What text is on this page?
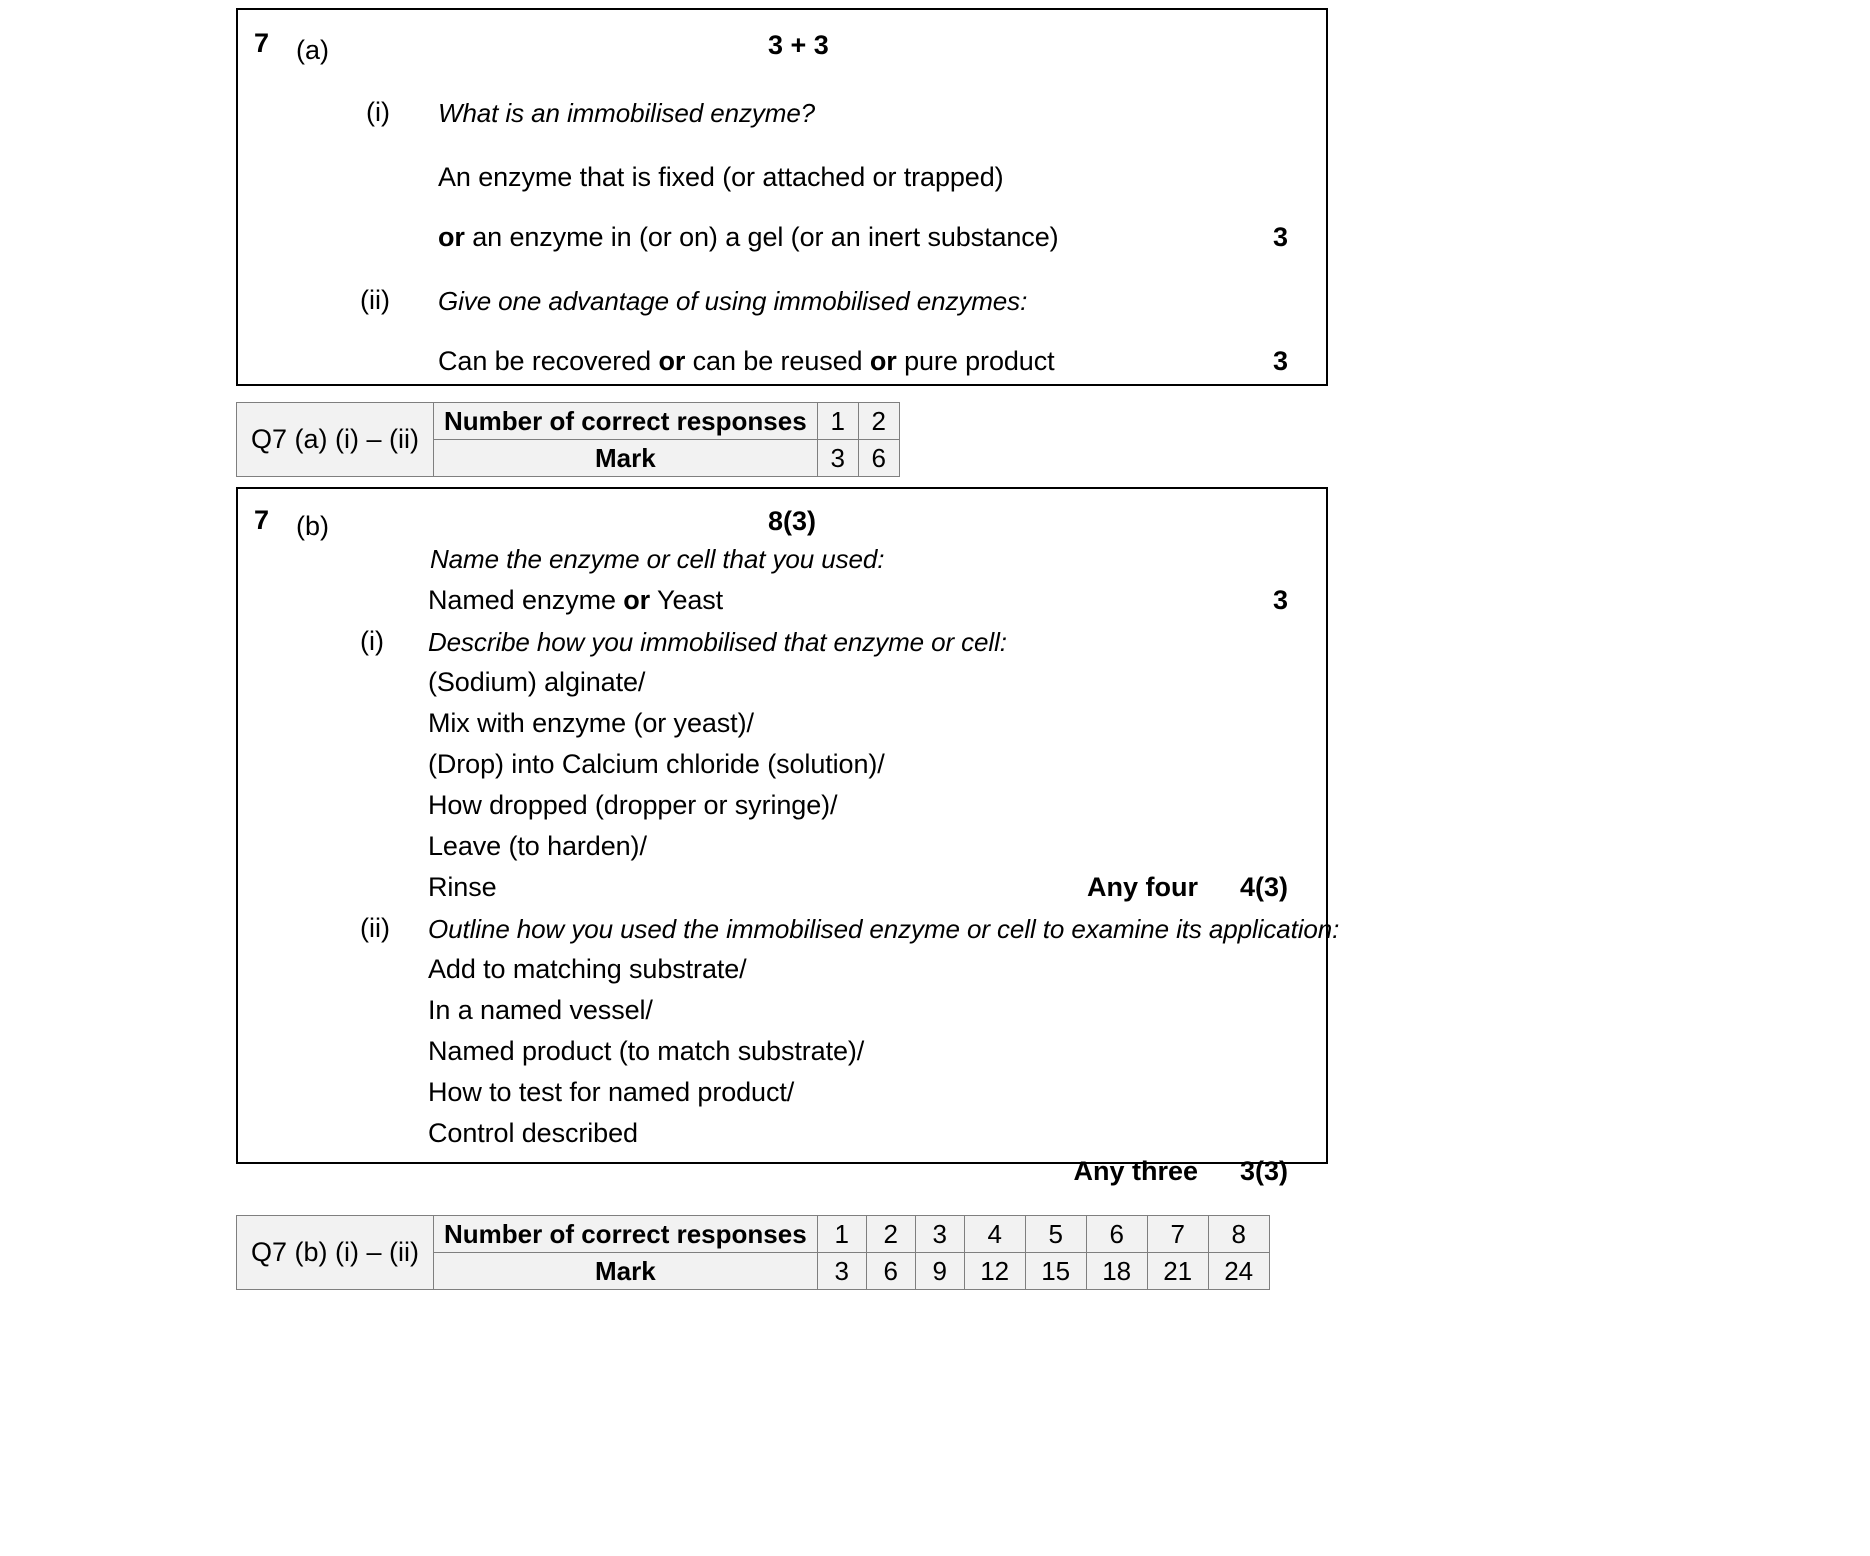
7 (a)	3 + 3
(i) What is an immobilised enzyme?
An enzyme that is fixed (or attached or trapped)
or an enzyme in (or on) a gel (or an inert substance)	3
(ii) Give one advantage of using immobilised enzymes:
Can be recovered or can be reused or pure product	3
Q7 (a) (i) – (ii)	Number of correct responses	1	2
	Mark	3	6
7 (b)	8(3)
Name the enzyme or cell that you used:
Named enzyme or Yeast	3
(i) Describe how you immobilised that enzyme or cell:
(Sodium) alginate/
Mix with enzyme (or yeast)/
(Drop) into Calcium chloride (solution)/
How dropped (dropper or syringe)/
Leave (to harden)/
Rinse	Any four	4(3)
(ii) Outline how you used the immobilised enzyme or cell to examine its application:
Add to matching substrate/
In a named vessel/
Named product (to match substrate)/
How to test for named product/
Control described
Any three	3(3)
Q7 (b) (i) – (ii)	Number of correct responses	1	2	3	4	5	6	7	8
	Mark	3	6	9	12	15	18	21	24
